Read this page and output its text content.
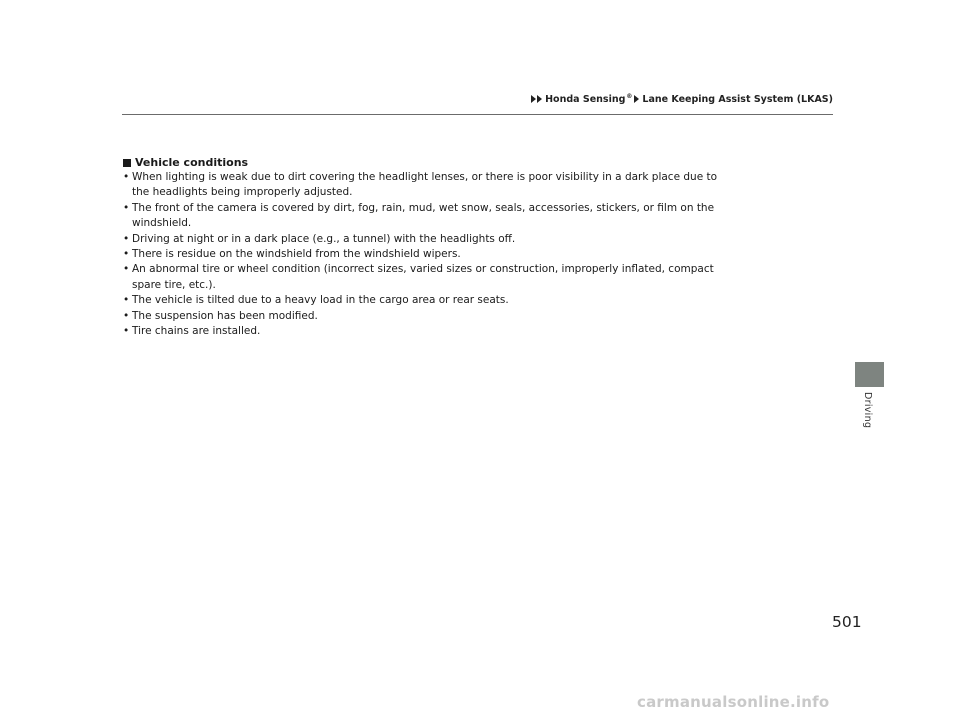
Honda Sensing® Lane Keeping Assist System (LKAS)
Vehicle conditions
• When lighting is weak due to dirt covering the headlight lenses, or there is poor visibility in a dark place due to the headlights being improperly adjusted.
• The front of the camera is covered by dirt, fog, rain, mud, wet snow, seals, accessories, stickers, or film on the windshield.
• Driving at night or in a dark place (e.g., a tunnel) with the headlights off.
• There is residue on the windshield from the windshield wipers.
• An abnormal tire or wheel condition (incorrect sizes, varied sizes or construction, improperly inflated, compact spare tire, etc.).
• The vehicle is tilted due to a heavy load in the cargo area or rear seats.
• The suspension has been modified.
• Tire chains are installed.
Driving
501
carmanualsonline.info
